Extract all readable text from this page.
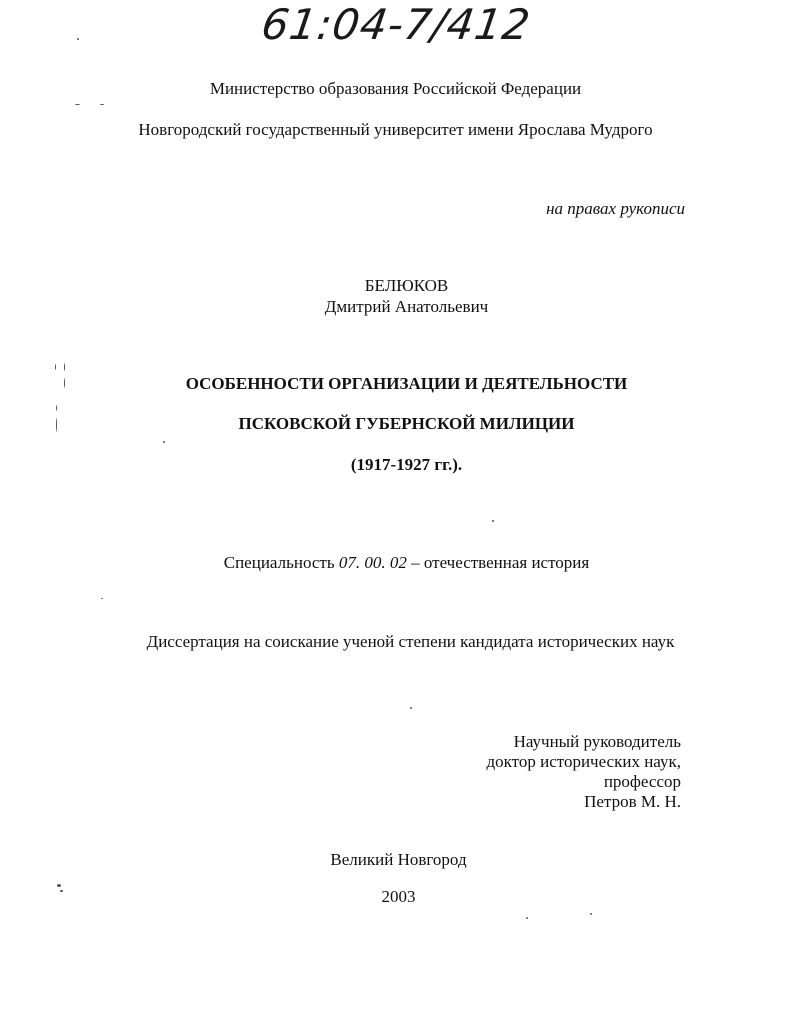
61:04-7/412
Министерство образования Российской Федерации
Новгородский государственный университет имени Ярослава Мудрого
на правах рукописи
БЕЛЮКОВ
Дмитрий Анатольевич
ОСОБЕННОСТИ ОРГАНИЗАЦИИ И ДЕЯТЕЛЬНОСТИ
ПСКОВСКОЙ ГУБЕРНСКОЙ МИЛИЦИИ
(1917-1927 гг.).
Специальность 07. 00. 02 – отечественная история
Диссертация на соискание ученой степени кандидата исторических наук
Научный руководитель
доктор исторических наук,
профессор
Петров М. Н.
Великий Новгород
2003
